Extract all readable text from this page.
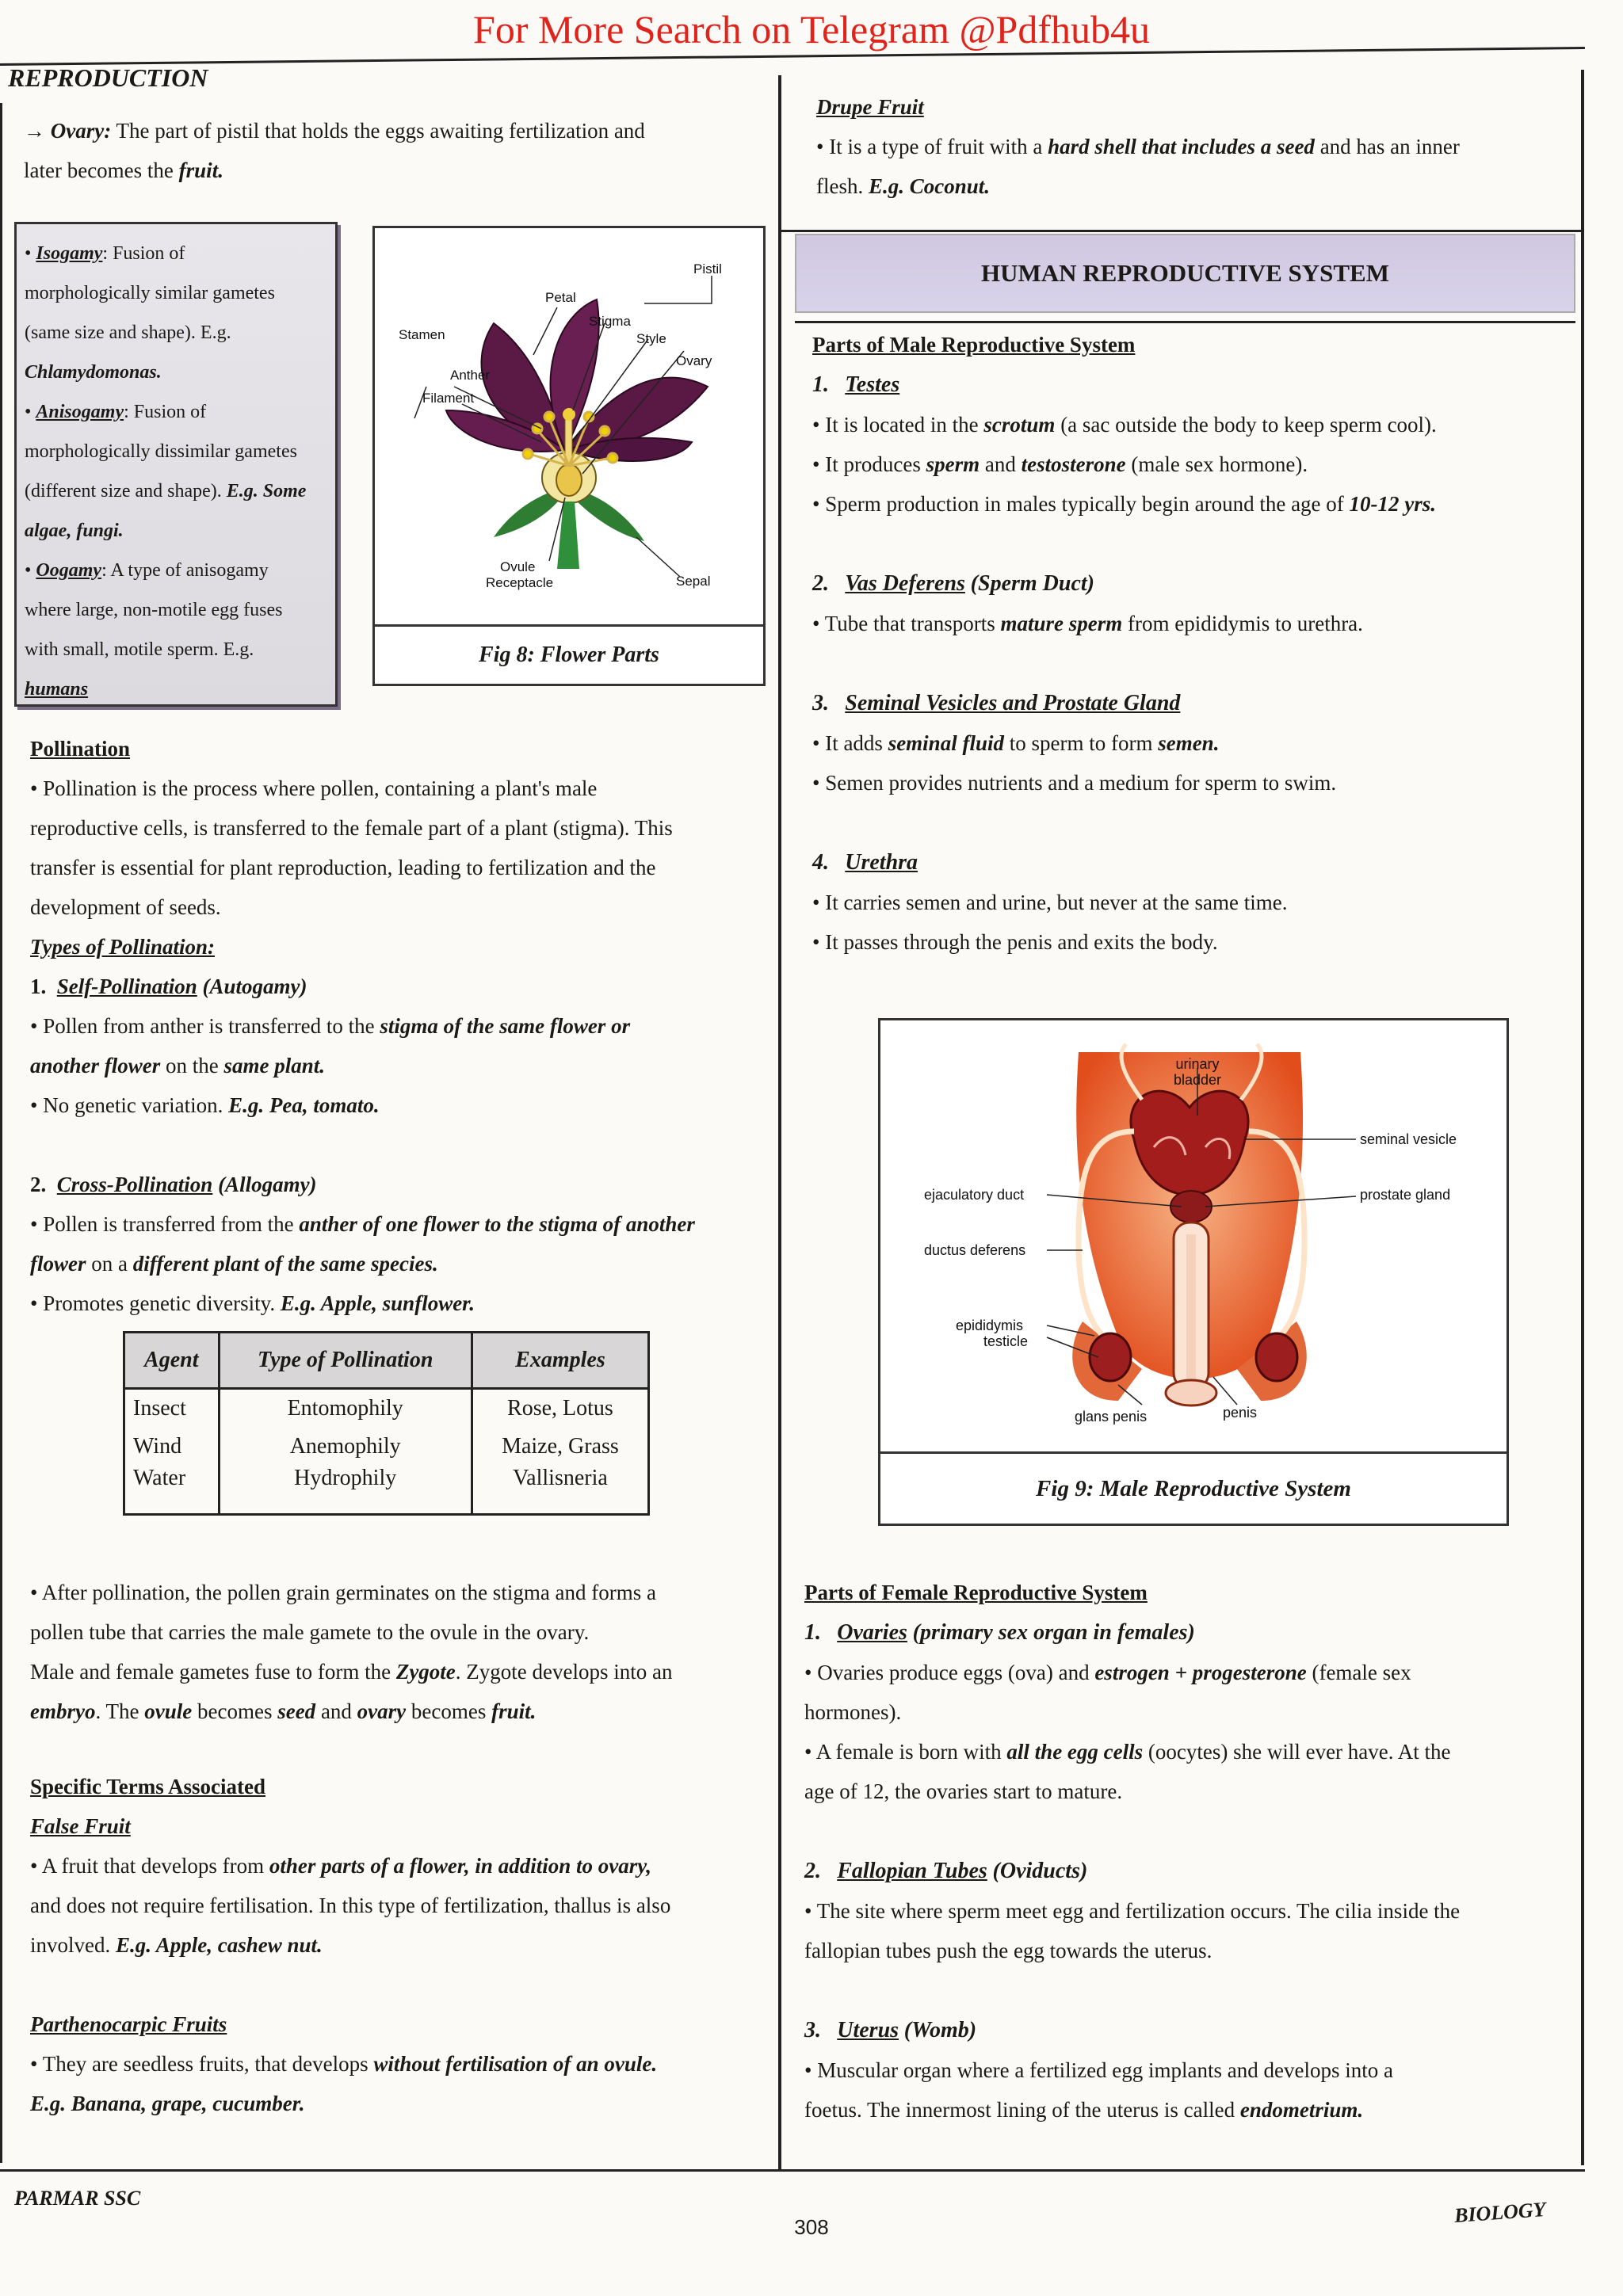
For More Search on Telegram @Pdfhub4u
REPRODUCTION

→ Ovary: The part of pistil that holds the eggs awaiting fertilization and

later becomes the fruit.

• Isogamy: Fusion of

morphologically similar gametes

(same size and shape). E.g.

Chlamydomonas.

• Anisogamy: Fusion of

morphologically dissimilar gametes

(different size and shape). E.g. Some

algae, fungi.

• Oogamy: A type of anisogamy

where large, non-motile egg fuses

with small, motile sperm. E.g.

humans

Pistil
Petal
Stigma
Style
Ovary
Stamen
Anther
Filament
Ovule
Receptacle	Sepal
Fig 8: Flower Parts

Pollination

• Pollination is the process where pollen, containing a plant's male

reproductive cells, is transferred to the female part of a plant (stigma). This

transfer is essential for plant reproduction, leading to fertilization and the

development of seeds.

Types of Pollination:

1. Self-Pollination (Autogamy)

• Pollen from anther is transferred to the stigma of the same flower or

another flower on the same plant.

• No genetic variation. E.g. Pea, tomato.

2. Cross-Pollination (Allogamy)

• Pollen is transferred from the anther of one flower to the stigma of another

flower on a different plant of the same species.

• Promotes genetic diversity. E.g. Apple, sunflower.

Agent	Type of Pollination	Examples
Insect	Entomophily	Rose, Lotus
Wind	Anemophily	Maize, Grass
Water	Hydrophily	Vallisneria

• After pollination, the pollen grain germinates on the stigma and forms a

pollen tube that carries the male gamete to the ovule in the ovary.

Male and female gametes fuse to form the Zygote. Zygote develops into an

embryo. The ovule becomes seed and ovary becomes fruit.

Specific Terms Associated

False Fruit

• A fruit that develops from other parts of a flower, in addition to ovary,

and does not require fertilisation. In this type of fertilization, thallus is also

involved. E.g. Apple, cashew nut.

Parthenocarpic Fruits

• They are seedless fruits, that develops without fertilisation of an ovule.

E.g. Banana, grape, cucumber.

Drupe Fruit

• It is a type of fruit with a hard shell that includes a seed and has an inner

flesh. E.g. Coconut.

HUMAN REPRODUCTIVE SYSTEM

Parts of Male Reproductive System

1. Testes

• It is located in the scrotum (a sac outside the body to keep sperm cool).

• It produces sperm and testosterone (male sex hormone).

• Sperm production in males typically begin around the age of 10-12 yrs.

2. Vas Deferens (Sperm Duct)

• Tube that transports mature sperm from epididymis to urethra.

3. Seminal Vesicles and Prostate Gland

• It adds seminal fluid to sperm to form semen.

• Semen provides nutrients and a medium for sperm to swim.

4. Urethra

• It carries semen and urine, but never at the same time.

• It passes through the penis and exits the body.

urinary bladder
seminal vesicle
ejaculatory duct	prostate gland
ductus deferens
epididymis
testicle
glans penis	penis
Fig 9: Male Reproductive System

Parts of Female Reproductive System

1. Ovaries (primary sex organ in females)

• Ovaries produce eggs (ova) and estrogen + progesterone (female sex

hormones).

• A female is born with all the egg cells (oocytes) she will ever have. At the

age of 12, the ovaries start to mature.

2. Fallopian Tubes (Oviducts)

• The site where sperm meet egg and fertilization occurs. The cilia inside the

fallopian tubes push the egg towards the uterus.

3. Uterus (Womb)

• Muscular organ where a fertilized egg implants and develops into a

foetus. The innermost lining of the uterus is called endometrium.

PARMAR SSC
308
BIOLOGY
